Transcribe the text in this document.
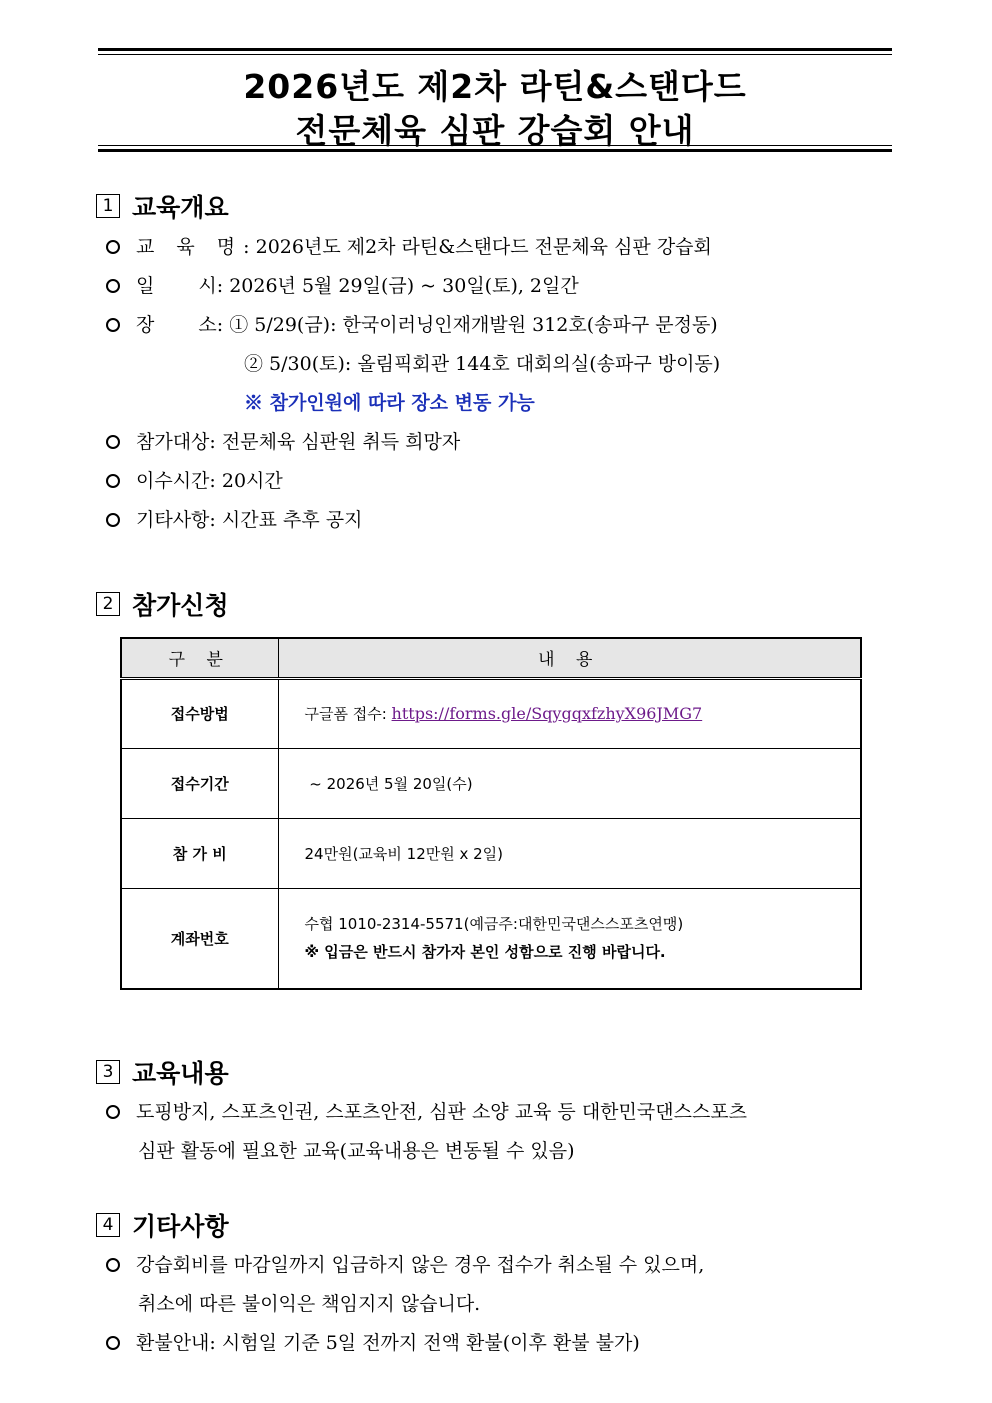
2026년도 제2차 라틴&스탠다드
전문체육 심판 강습회 안내
1 교육개요
교 육 명: 2026년도 제2차 라틴&스탠다드 전문체육 심판 강습회
일 시: 2026년 5월 29일(금) ~ 30일(토), 2일간
장 소: ① 5/29(금): 한국이러닝인재개발원 312호(송파구 문정동)
② 5/30(토): 올림픽회관 144호 대회의실(송파구 방이동)
※ 참가인원에 따라 장소 변동 가능
참가대상: 전문체육 심판원 취득 희망자
이수시간: 20시간
기타사항: 시간표 추후 공지
2 참가신청
구 분	내 용
접수방법	구글폼 접수: https://forms.gle/SqygqxfzhyX96JMG7
접수기간	~ 2026년 5월 20일(수)
참 가 비	24만원(교육비 12만원 x 2일)
계좌번호	수협 1010-2314-5571(예금주:대한민국댄스스포츠연맹)
※ 입금은 반드시 참가자 본인 성함으로 진행 바랍니다.
3 교육내용
도핑방지, 스포츠인권, 스포츠안전, 심판 소양 교육 등 대한민국댄스스포츠
심판 활동에 필요한 교육(교육내용은 변동될 수 있음)
4 기타사항
강습회비를 마감일까지 입금하지 않은 경우 접수가 취소될 수 있으며,
취소에 따른 불이익은 책임지지 않습니다.
환불안내: 시험일 기준 5일 전까지 전액 환불(이후 환불 불가)
